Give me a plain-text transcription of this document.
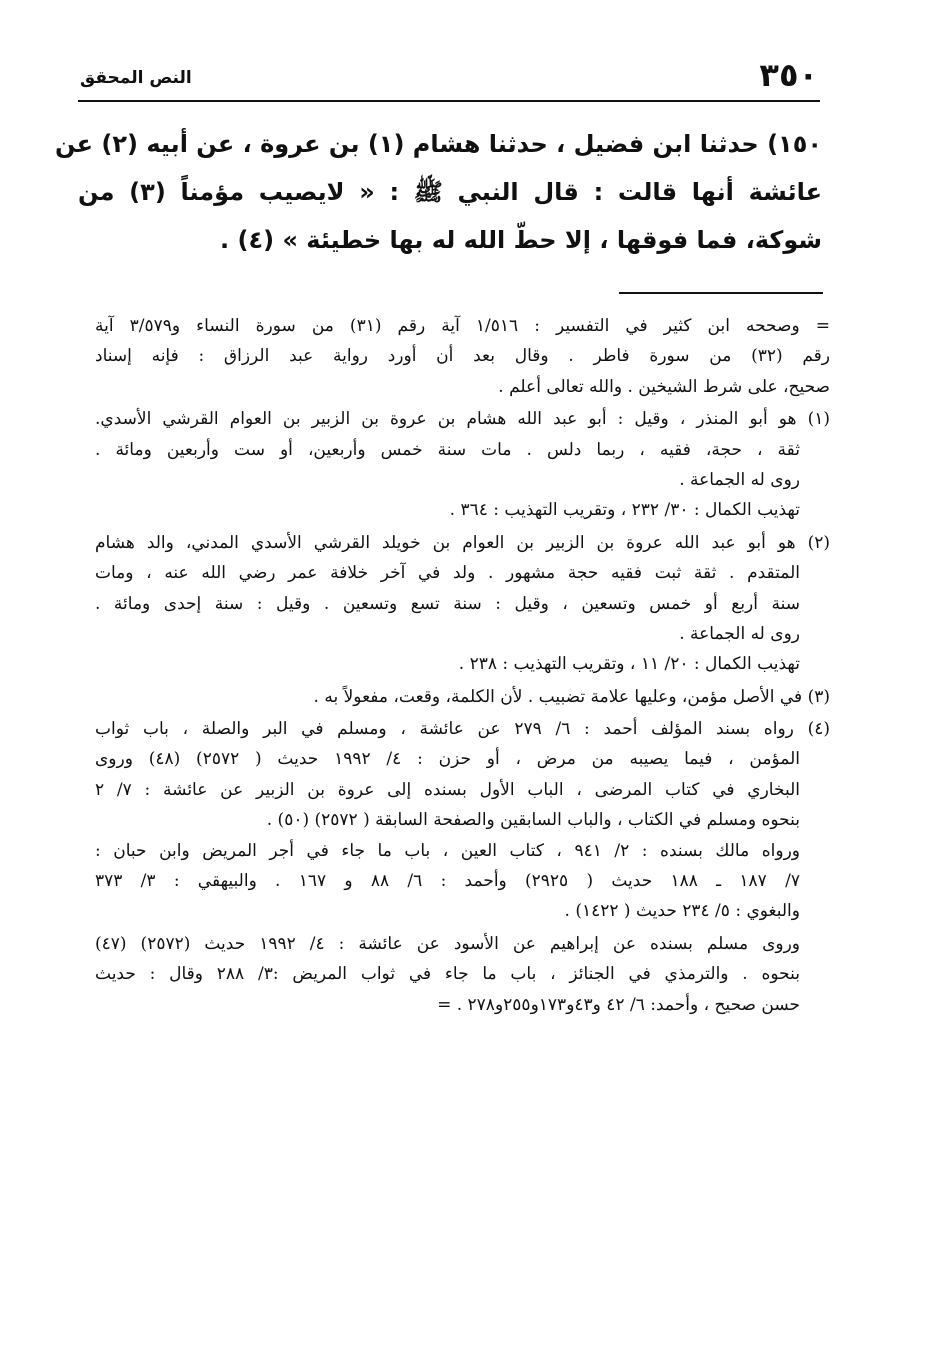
٣٥٠
النص المحقق
١٥٠) حدثنا ابن فضيل ، حدثنا هشام (١) بن عروة ، عن أبيه (٢) عن
عائشة أنها قالت : قال النبي ﷺ : « لايصيب مؤمناً (٣) من
شوكة، فما فوقها ، إلا حطّ الله له بها خطيئة » (٤) .
= وصححه ابن كثير في التفسير : ١/٥١٦ آية رقم (٣١) من سورة النساء و٣/٥٧٩ آية
رقم (٣٢) من سورة فاطر . وقال بعد أن أورد رواية عبد الرزاق : فإنه إسناد
صحيح، على شرط الشيخين . والله تعالى أعلم .
(١) هو أبو المنذر ، وقيل : أبو عبد الله هشام بن عروة بن الزبير بن العوام القرشي الأسدي.
ثقة ، حجة، فقيه ، ربما دلس . مات سنة خمس وأربعين، أو ست وأربعين ومائة .
روى له الجماعة .
تهذيب الكمال : ٣٠/ ٢٣٢ ، وتقريب التهذيب : ٣٦٤ .
(٢) هو أبو عبد الله عروة بن الزبير بن العوام بن خويلد القرشي الأسدي المدني، والد هشام
المتقدم . ثقة ثبت فقيه حجة مشهور . ولد في آخر خلافة عمر رضي الله عنه ، ومات
سنة أربع أو خمس وتسعين ، وقيل : سنة تسع وتسعين . وقيل : سنة إحدى ومائة .
روى له الجماعة .
تهذيب الكمال : ٢٠/ ١١ ، وتقريب التهذيب : ٢٣٨ .
(٣) في الأصل مؤمن، وعليها علامة تضبيب . لأن الكلمة، وقعت، مفعولاً به .
(٤) رواه بسند المؤلف أحمد : ٦/ ٢٧٩ عن عائشة ، ومسلم في البر والصلة ، باب ثواب
المؤمن ، فيما يصيبه من مرض ، أو حزن : ٤/ ١٩٩٢ حديث ( ٢٥٧٢) (٤٨) وروى
البخاري في كتاب المرضى ، الباب الأول بسنده إلى عروة بن الزبير عن عائشة : ٧/ ٢
بنحوه ومسلم في الكتاب ، والباب السابقين والصفحة السابقة ( ٢٥٧٢) (٥٠) .
ورواه مالك بسنده : ٢/ ٩٤١ ، كتاب العين ، باب ما جاء في أجر المريض وابن حبان :
٧/ ١٨٧ ـ ١٨٨ حديث ( ٢٩٢٥) وأحمد : ٦/ ٨٨ و ١٦٧ . والبيهقي : ٣/ ٣٧٣
والبغوي : ٥/ ٢٣٤ حديث ( ١٤٢٢) .
وروى مسلم بسنده عن إبراهيم عن الأسود عن عائشة : ٤/ ١٩٩٢ حديث (٢٥٧٢) (٤٧)
بنحوه . والترمذي في الجنائز ، باب ما جاء في ثواب المريض :٣/ ٢٨٨ وقال : حديث
حسن صحيح ، وأحمد: ٦/ ٤٢ و٤٣و١٧٣و٢٥٥و٢٧٨ . =
